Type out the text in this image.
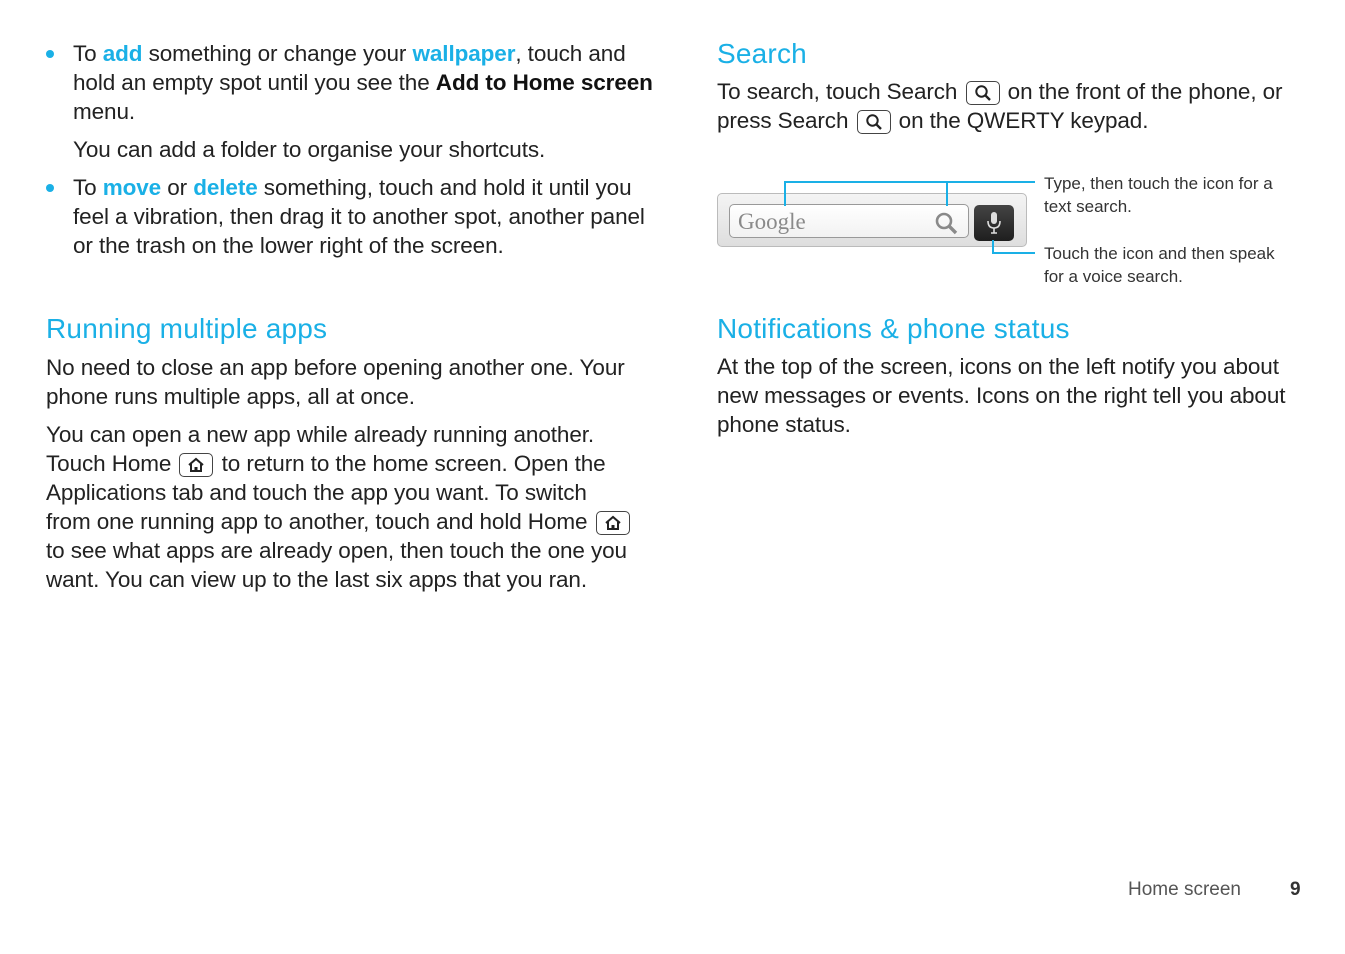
To add something or change your wallpaper, touch and hold an empty spot until you see the Add to Home screen menu.

You can add a folder to organise your shortcuts.

To move or delete something, touch and hold it until you feel a vibration, then drag it to another spot, another panel or the trash on the lower right of the screen.

Running multiple apps

No need to close an app before opening another one. Your phone runs multiple apps, all at once.

You can open a new app while already running another. Touch Home
to return to the home screen. Open the Applications tab and touch the app you want. To switch from one running app to another, touch and hold Home
to see what apps are already open, then touch the one you want. You can view up to the last six apps that you ran.

Search

To search, touch Search
on the front of the phone, or press Search
on the QWERTY keypad.

Google
Type, then touch the icon for a text search.
Touch the icon and then speak for a voice search.
Notifications & phone status

At the top of the screen, icons on the left notify you about new messages or events. Icons on the right tell you about phone status.

Home screen	9
